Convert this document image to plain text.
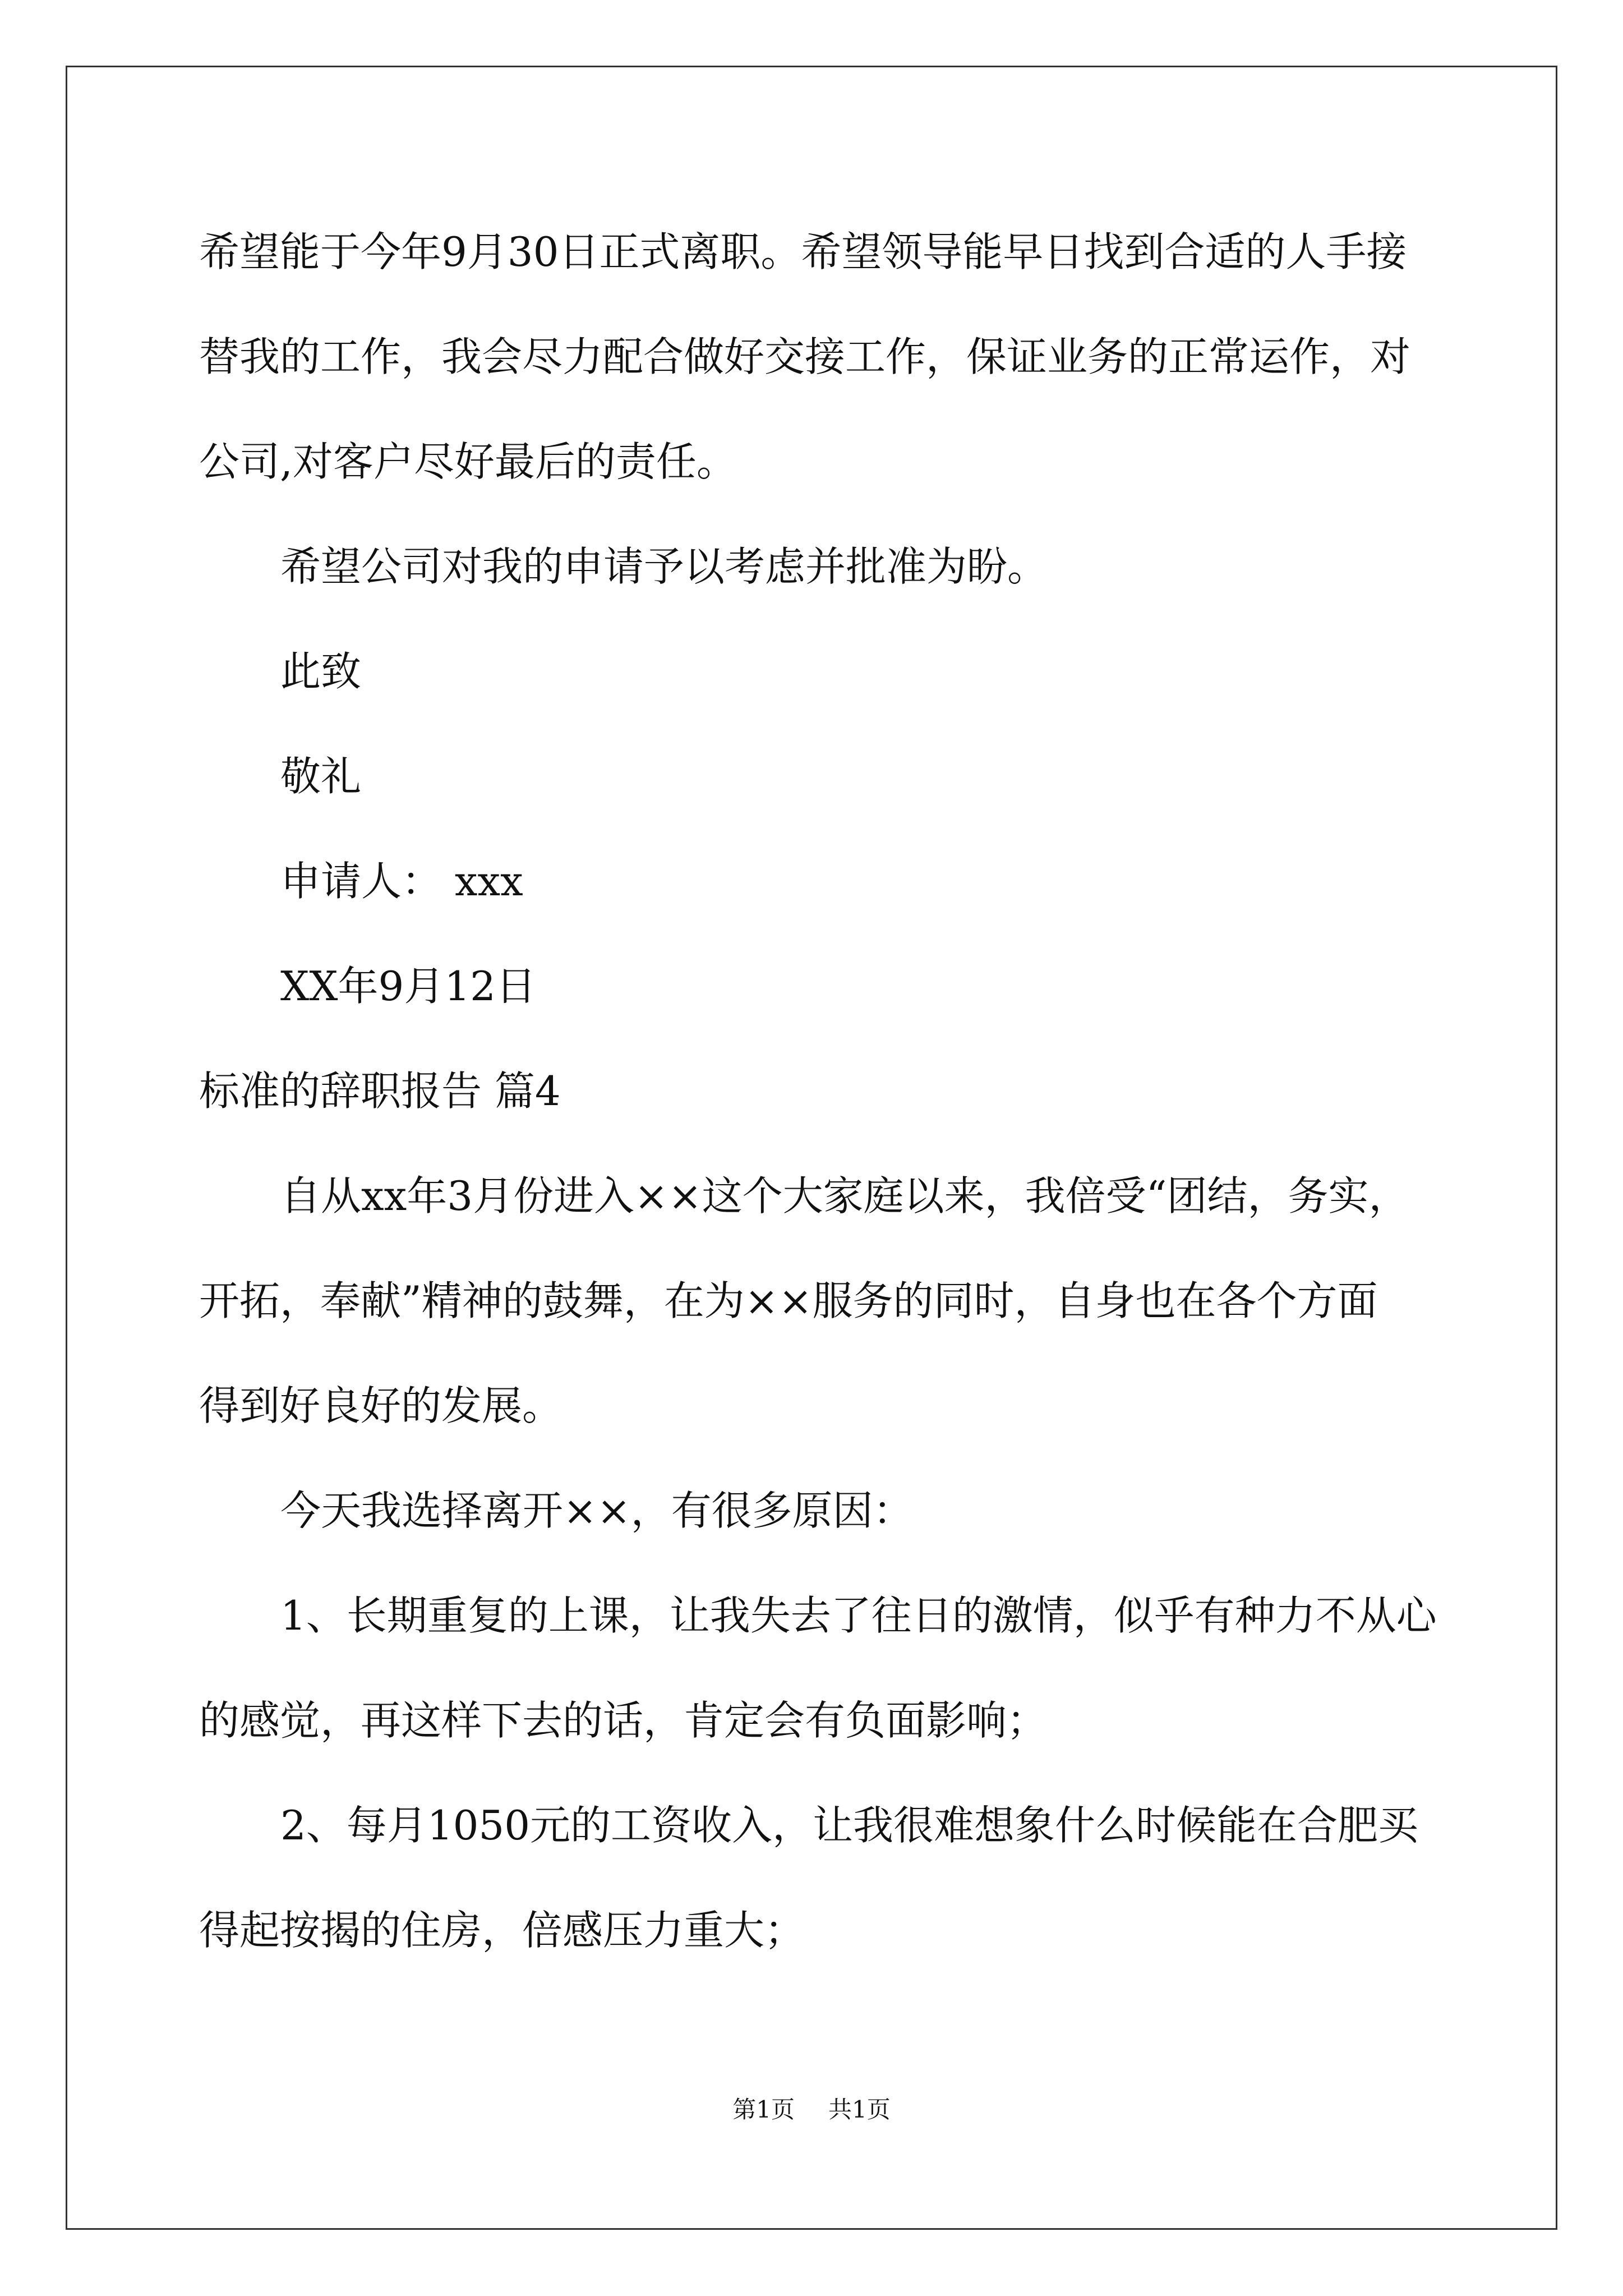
希望能于今年9月30日正式离职。希望领导能早日找到合适的人手接
替我的工作，我会尽力配合做好交接工作，保证业务的正常运作，对
公司,对客户尽好最后的责任。
希望公司对我的申请予以考虑并批准为盼。
此致
敬礼
申请人： xxx
XX年9月12日
标准的辞职报告 篇4
自从xx年3月份进入××这个大家庭以来，我倍受“团结，务实，
开拓，奉献”精神的鼓舞，在为××服务的同时，自身也在各个方面
得到好良好的发展。
今天我选择离开××，有很多原因：
1、长期重复的上课，让我失去了往日的激情，似乎有种力不从心
的感觉，再这样下去的话，肯定会有负面影响；
2、每月1050元的工资收入，让我很难想象什么时候能在合肥买
得起按揭的住房，倍感压力重大；
第1页 共1页
